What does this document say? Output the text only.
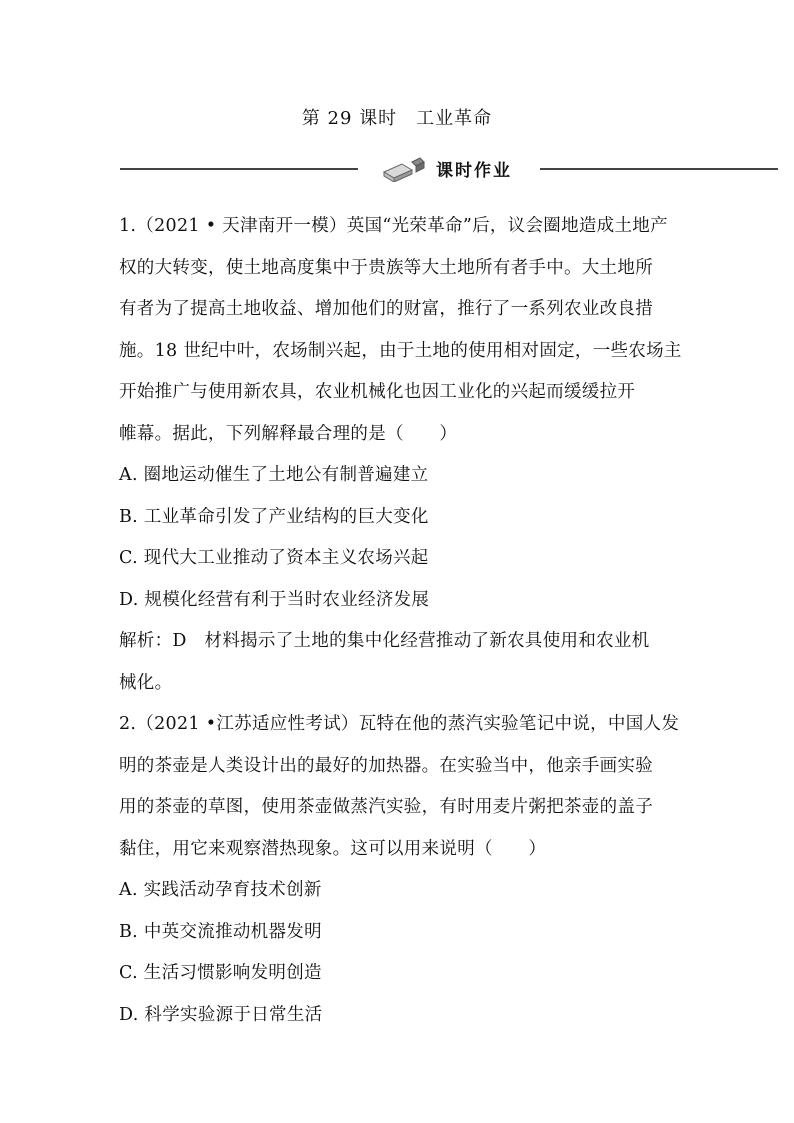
第 29 课时　工业革命
课时作业
1.（2021 • 天津南开一模）英国“光荣革命”后，议会圈地造成土地产
权的大转变，使土地高度集中于贵族等大土地所有者手中。大土地所
有者为了提高土地收益、增加他们的财富，推行了一系列农业改良措
施。18 世纪中叶，农场制兴起，由于土地的使用相对固定，一些农场主
开始推广与使用新农具，农业机械化也因工业化的兴起而缓缓拉开
帷幕。据此，下列解释最合理的是（　　）
A. 圈地运动催生了土地公有制普遍建立
B. 工业革命引发了产业结构的巨大变化
C. 现代大工业推动了资本主义农场兴起
D. 规模化经营有利于当时农业经济发展
解析：D　材料揭示了土地的集中化经营推动了新农具使用和农业机
械化。
2.（2021 •江苏适应性考试）瓦特在他的蒸汽实验笔记中说，中国人发
明的茶壶是人类设计出的最好的加热器。在实验当中，他亲手画实验
用的茶壶的草图，使用茶壶做蒸汽实验，有时用麦片粥把茶壶的盖子
黏住，用它来观察潜热现象。这可以用来说明（　　）
A. 实践活动孕育技术创新
B. 中英交流推动机器发明
C. 生活习惯影响发明创造
D. 科学实验源于日常生活
